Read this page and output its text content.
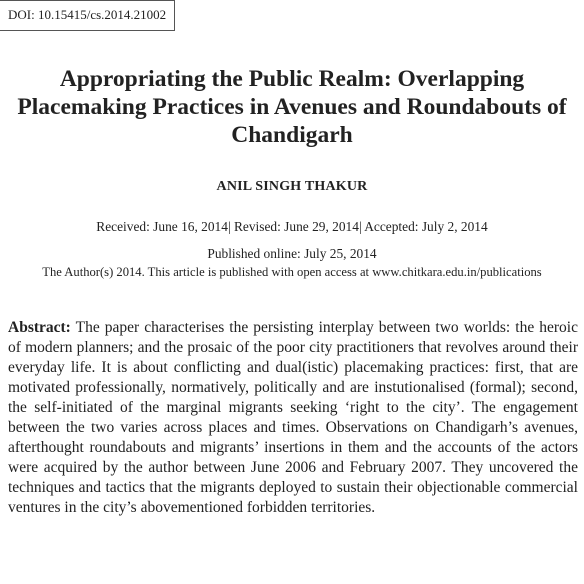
DOI: 10.15415/cs.2014.21002
Appropriating the Public Realm: Overlapping Placemaking Practices in Avenues and Roundabouts of Chandigarh
ANIL SINGH THAKUR
Received: June 16, 2014| Revised: June 29, 2014| Accepted: July 2, 2014
Published online: July 25, 2014
The Author(s) 2014. This article is published with open access at www.chitkara.edu.in/publications

Abstract: The paper characterises the persisting interplay between two worlds: the heroic of modern planners; and the prosaic of the poor city practitioners that revolves around their everyday life. It is about conflicting and dual(istic) placemaking practices: first, that are motivated professionally, normatively, politically and are instutionalised (formal); second, the self-initiated of the marginal migrants seeking ‘right to the city’. The engagement between the two varies across places and times. Observations on Chandigarh’s avenues, afterthought roundabouts and migrants’ insertions in them and the accounts of the actors were acquired by the author between June 2006 and February 2007. They uncovered the techniques and tactics that the migrants deployed to sustain their objectionable commercial ventures in the city’s abovementioned forbidden territories.
